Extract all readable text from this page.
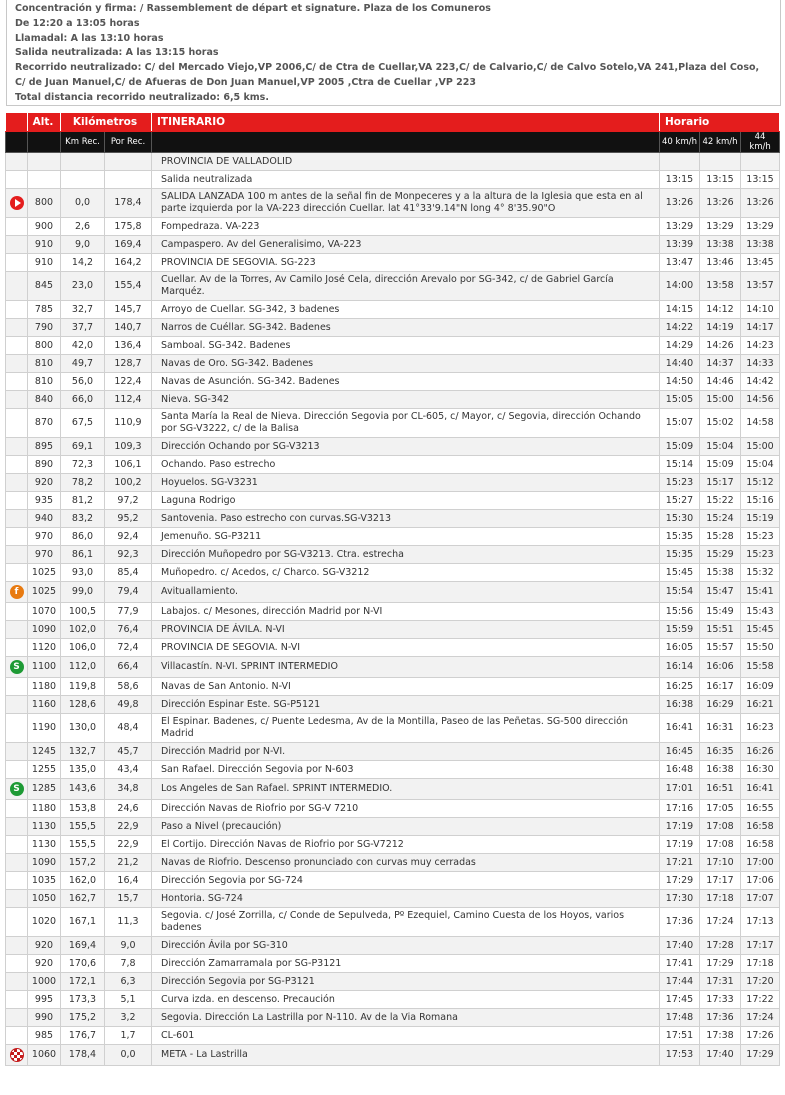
Concentración y firma: / Rassemblement de départ et signature. Plaza de los Comuneros
De 12:20 a 13:05 horas
Llamadal: A las 13:10 horas
Salida neutralizada: A las 13:15 horas
Recorrido neutralizado: C/ del Mercado Viejo,VP 2006,C/ de Ctra de Cuellar,VA 223,C/ de Calvario,C/ de Calvo Sotelo,VA 241,Plaza del Coso, C/ de Juan Manuel,C/ de Afueras de Don Juan Manuel,VP 2005 ,Ctra de Cuellar ,VP 223
Total distancia recorrido neutralizado: 6,5 kms.
	Alt.	Kilómetros		ITINERARIO	Horario		
		Km Rec.	Por Rec.		40 km/h	42 km/h	44 km/h
				PROVINCIA DE VALLADOLID			
				Salida neutralizada	13:15	13:15	13:15
	800	0,0	178,4	SALIDA LANZADA 100 m antes de la señal fin de Monpeceres y a la altura de la Iglesia que esta en al parte izquierda por la VA-223 dirección Cuellar. lat 41°33'9.14"N long 4° 8'35.90"O	13:26	13:26	13:26
	900	2,6	175,8	Fompedraza. VA-223	13:29	13:29	13:29
	910	9,0	169,4	Campaspero. Av del Generalisimo, VA-223	13:39	13:38	13:38
	910	14,2	164,2	PROVINCIA DE SEGOVIA. SG-223	13:47	13:46	13:45
	845	23,0	155,4	Cuellar. Av de la Torres, Av Camilo José Cela, dirección Arevalo por SG-342, c/ de Gabriel García Marquéz.	14:00	13:58	13:57
	785	32,7	145,7	Arroyo de Cuellar. SG-342, 3 badenes	14:15	14:12	14:10
	790	37,7	140,7	Narros de Cuéllar. SG-342. Badenes	14:22	14:19	14:17
	800	42,0	136,4	Samboal. SG-342. Badenes	14:29	14:26	14:23
	810	49,7	128,7	Navas de Oro. SG-342. Badenes	14:40	14:37	14:33
	810	56,0	122,4	Navas de Asunción. SG-342. Badenes	14:50	14:46	14:42
	840	66,0	112,4	Nieva. SG-342	15:05	15:00	14:56
	870	67,5	110,9	Santa María la Real de Nieva. Dirección Segovia por CL-605, c/ Mayor, c/ Segovia, dirección Ochando por SG-V3222, c/ de la Balisa	15:07	15:02	14:58
	895	69,1	109,3	Dirección Ochando por SG-V3213	15:09	15:04	15:00
	890	72,3	106,1	Ochando. Paso estrecho	15:14	15:09	15:04
	920	78,2	100,2	Hoyuelos. SG-V3231	15:23	15:17	15:12
	935	81,2	97,2	Laguna Rodrigo	15:27	15:22	15:16
	940	83,2	95,2	Santovenia. Paso estrecho con curvas.SG-V3213	15:30	15:24	15:19
	970	86,0	92,4	Jemenuño. SG-P3211	15:35	15:28	15:23
	970	86,1	92,3	Dirección Muñopedro por SG-V3213. Ctra. estrecha	15:35	15:29	15:23
	1025	93,0	85,4	Muñopedro. c/ Acedos, c/ Charco. SG-V3212	15:45	15:38	15:32
f	1025	99,0	79,4	Avituallamiento.	15:54	15:47	15:41
	1070	100,5	77,9	Labajos. c/ Mesones, dirección Madrid por N-VI	15:56	15:49	15:43
	1090	102,0	76,4	PROVINCIA DE ÁVILA. N-VI	15:59	15:51	15:45
	1120	106,0	72,4	PROVINCIA DE SEGOVIA. N-VI	16:05	15:57	15:50
S	1100	112,0	66,4	Villacastín. N-VI. SPRINT INTERMEDIO	16:14	16:06	15:58
	1180	119,8	58,6	Navas de San Antonio. N-VI	16:25	16:17	16:09
	1160	128,6	49,8	Dirección Espinar Este. SG-P5121	16:38	16:29	16:21
	1190	130,0	48,4	El Espinar. Badenes, c/ Puente Ledesma, Av de la Montilla, Paseo de las Peñetas. SG-500 dirección Madrid	16:41	16:31	16:23
	1245	132,7	45,7	Dirección Madrid por N-VI.	16:45	16:35	16:26
	1255	135,0	43,4	San Rafael. Dirección Segovia por N-603	16:48	16:38	16:30
S	1285	143,6	34,8	Los Angeles de San Rafael. SPRINT INTERMEDIO.	17:01	16:51	16:41
	1180	153,8	24,6	Dirección Navas de Riofrio por SG-V 7210	17:16	17:05	16:55
	1130	155,5	22,9	Paso a Nivel (precaución)	17:19	17:08	16:58
	1130	155,5	22,9	El Cortijo. Dirección Navas de Riofrio por SG-V7212	17:19	17:08	16:58
	1090	157,2	21,2	Navas de Riofrio. Descenso pronunciado con curvas muy cerradas	17:21	17:10	17:00
	1035	162,0	16,4	Dirección Segovia por SG-724	17:29	17:17	17:06
	1050	162,7	15,7	Hontoria. SG-724	17:30	17:18	17:07
	1020	167,1	11,3	Segovia. c/ José Zorrilla, c/ Conde de Sepulveda, Pº Ezequiel, Camino Cuesta de los Hoyos, varios badenes	17:36	17:24	17:13
	920	169,4	9,0	Dirección Ávila por SG-310	17:40	17:28	17:17
	920	170,6	7,8	Dirección Zamarramala por SG-P3121	17:41	17:29	17:18
	1000	172,1	6,3	Dirección Segovia por SG-P3121	17:44	17:31	17:20
	995	173,3	5,1	Curva izda. en descenso. Precaución	17:45	17:33	17:22
	990	175,2	3,2	Segovia. Dirección La Lastrilla por N-110. Av de la Via Romana	17:48	17:36	17:24
	985	176,7	1,7	CL-601	17:51	17:38	17:26
	1060	178,4	0,0	META - La Lastrilla	17:53	17:40	17:29
